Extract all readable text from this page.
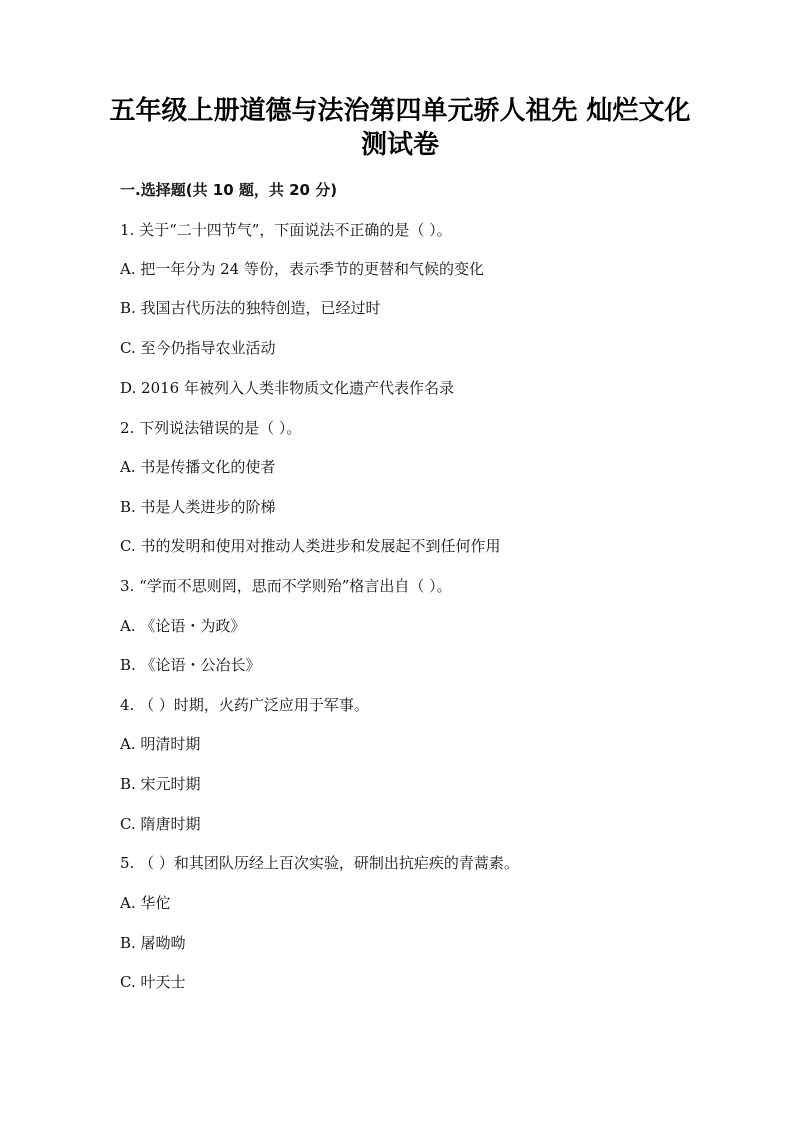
五年级上册道德与法治第四单元骄人祖先 灿烂文化
测试卷
一.选择题(共 10 题，共 20 分)
1. 关于“二十四节气”，下面说法不正确的是（ ）。
A. 把一年分为 24 等份，表示季节的更替和气候的变化
B. 我国古代历法的独特创造，已经过时
C. 至今仍指导农业活动
D. 2016 年被列入人类非物质文化遗产代表作名录
2. 下列说法错误的是（ ）。
A. 书是传播文化的使者
B. 书是人类进步的阶梯
C. 书的发明和使用对推动人类进步和发展起不到任何作用
3. “学而不思则罔，思而不学则殆”格言出自（ ）。
A. 《论语・为政》
B. 《论语・公冶长》
4. （ ）时期，火药广泛应用于军事。
A. 明清时期
B. 宋元时期
C. 隋唐时期
5. （ ）和其团队历经上百次实验，研制出抗疟疾的青蒿素。
A. 华佗
B. 屠呦呦
C. 叶天士
